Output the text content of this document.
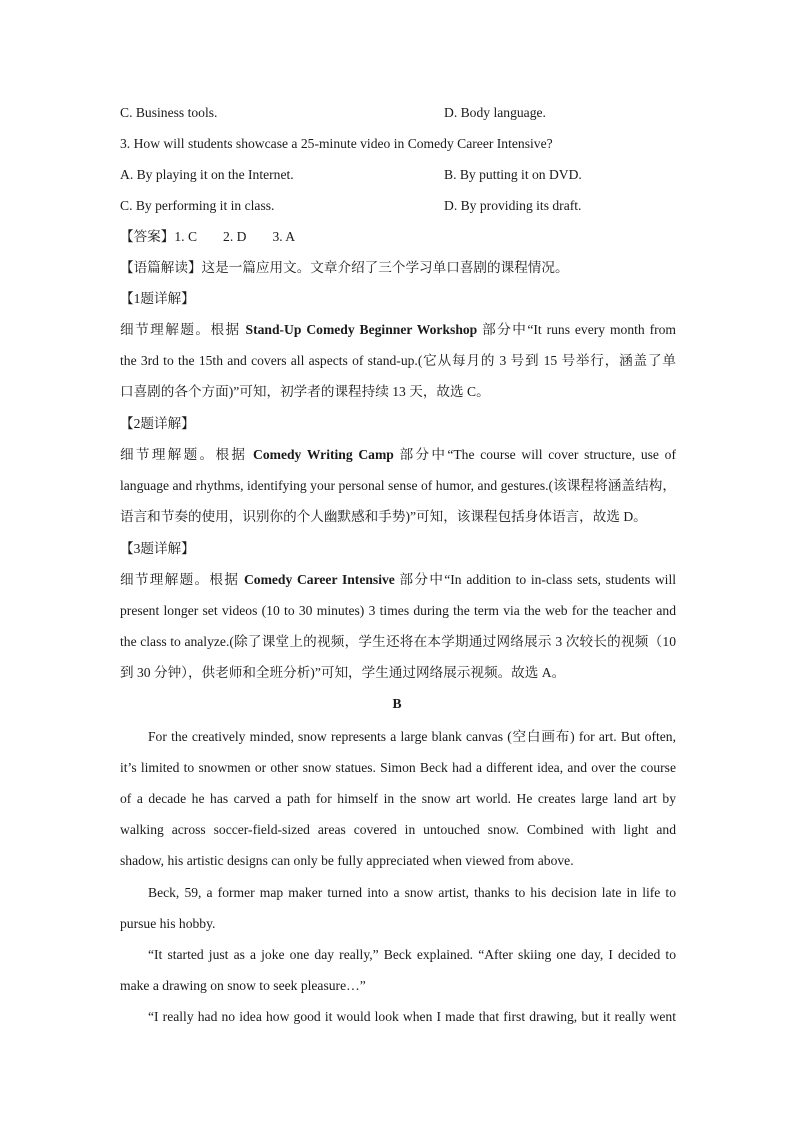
C. Business tools.	D. Body language.
3. How will students showcase a 25-minute video in Comedy Career Intensive?
A. By playing it on the Internet.	B. By putting it on DVD.
C. By performing it in class.	D. By providing its draft.
【答案】1. C 2. D 3. A
【语篇解读】这是一篇应用文。文章介绍了三个学习单口喜剧的课程情况。
【1题详解】
细节理解题。根据 Stand-Up Comedy Beginner Workshop 部分中“It runs every month from
the 3rd to the 15th and covers all aspects of stand-up.(它从每月的 3 号到 15 号举行，涵盖了单
口喜剧的各个方面)”可知，初学者的课程持续 13 天，故选 C。
【2题详解】
细节理解题。根据 Comedy Writing Camp 部分中“The course will cover structure, use of
language and rhythms, identifying your personal sense of humor, and gestures.(该课程将涵盖结构，
语言和节奏的使用，识别你的个人幽默感和手势)”可知，该课程包括身体语言，故选 D。
【3题详解】
细节理解题。根据 Comedy Career Intensive 部分中“In addition to in-class sets, students will
present longer set videos (10 to 30 minutes) 3 times during the term via the web for the teacher and
the class to analyze.(除了课堂上的视频，学生还将在本学期通过网络展示 3 次较长的视频（10
到 30 分钟），供老师和全班分析)”可知，学生通过网络展示视频。故选 A。
B
For the creatively minded, snow represents a large blank canvas (空白画布) for art. But often,
it’s limited to snowmen or other snow statues. Simon Beck had a different idea, and over the course
of a decade he has carved a path for himself in the snow art world. He creates large land art by
walking across soccer-field-sized areas covered in untouched snow. Combined with light and
shadow, his artistic designs can only be fully appreciated when viewed from above.
Beck, 59, a former map maker turned into a snow artist, thanks to his decision late in life to
pursue his hobby.
“It started just as a joke one day really,” Beck explained. “After skiing one day, I decided to
make a drawing on snow to seek pleasure…”
“I really had no idea how good it would look when I made that first drawing, but it really went
